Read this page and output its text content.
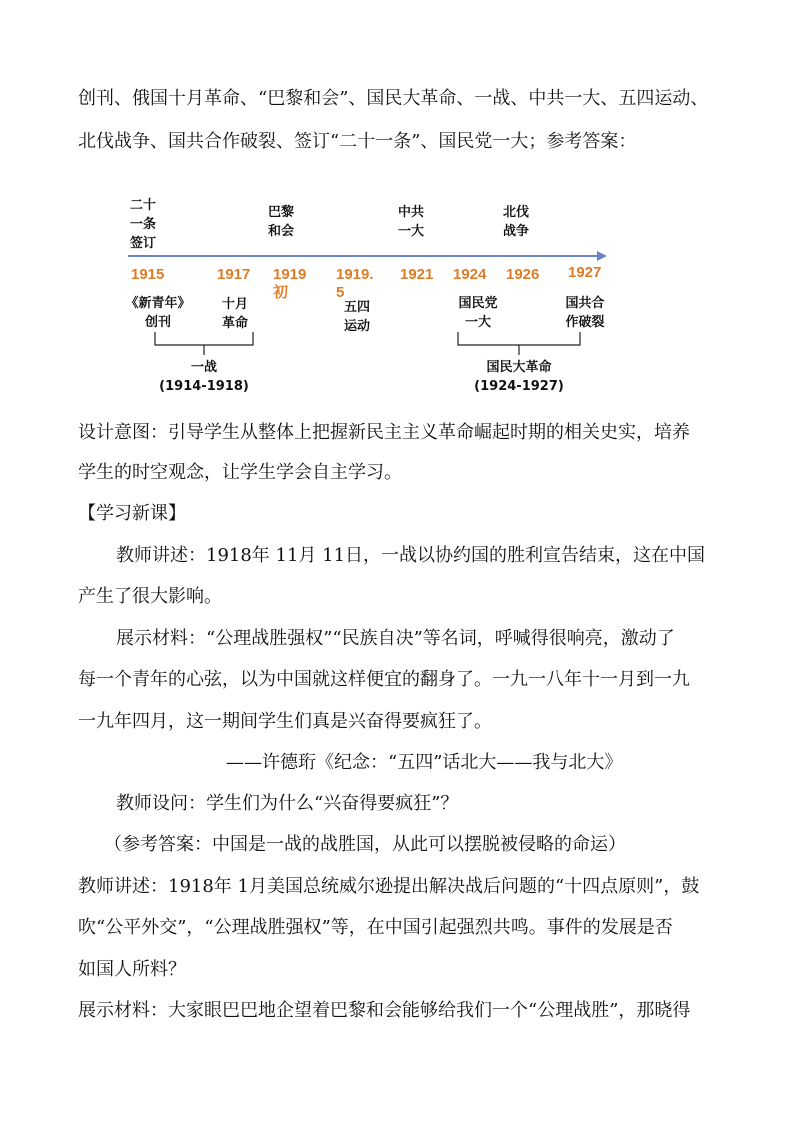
创刊、俄国十月革命、“巴黎和会”、国民大革命、一战、中共一大、五四运动、
北伐战争、国共合作破裂、签订“二十一条”、国民党一大；参考答案：
二十
一条
签订
巴黎
和会
中共
一大
北伐
战争
1915	1917 1919
初
1919.
5
1921 1924 1926 1927
《新青年》
创刊
十月
革命
五四
运动
国民党
一大
国共合
作破裂
一战
(1914-1918)
国民大革命
(1924-1927)
设计意图：引导学生从整体上把握新民主主义革命崛起时期的相关史实，培养
学生的时空观念，让学生学会自主学习。
【学习新课】
教师讲述：1918年 11月 11日，一战以协约国的胜利宣告结束，这在中国
产生了很大影响。
展示材料：“公理战胜强权”“民族自决”等名词，呼喊得很响亮，激动了
每一个青年的心弦，以为中国就这样便宜的翻身了。一九一八年十一月到一九
一九年四月，这一期间学生们真是兴奋得要疯狂了。
——许德珩《纪念：“五四”话北大——我与北大》
教师设问：学生们为什么“兴奋得要疯狂”？
（参考答案：中国是一战的战胜国，从此可以摆脱被侵略的命运）
教师讲述：1918年 1月美国总统威尔逊提出解决战后问题的“十四点原则”，鼓
吹“公平外交”，“公理战胜强权”等，在中国引起强烈共鸣。事件的发展是否
如国人所料？
展示材料：大家眼巴巴地企望着巴黎和会能够给我们一个“公理战胜”，那晓得
